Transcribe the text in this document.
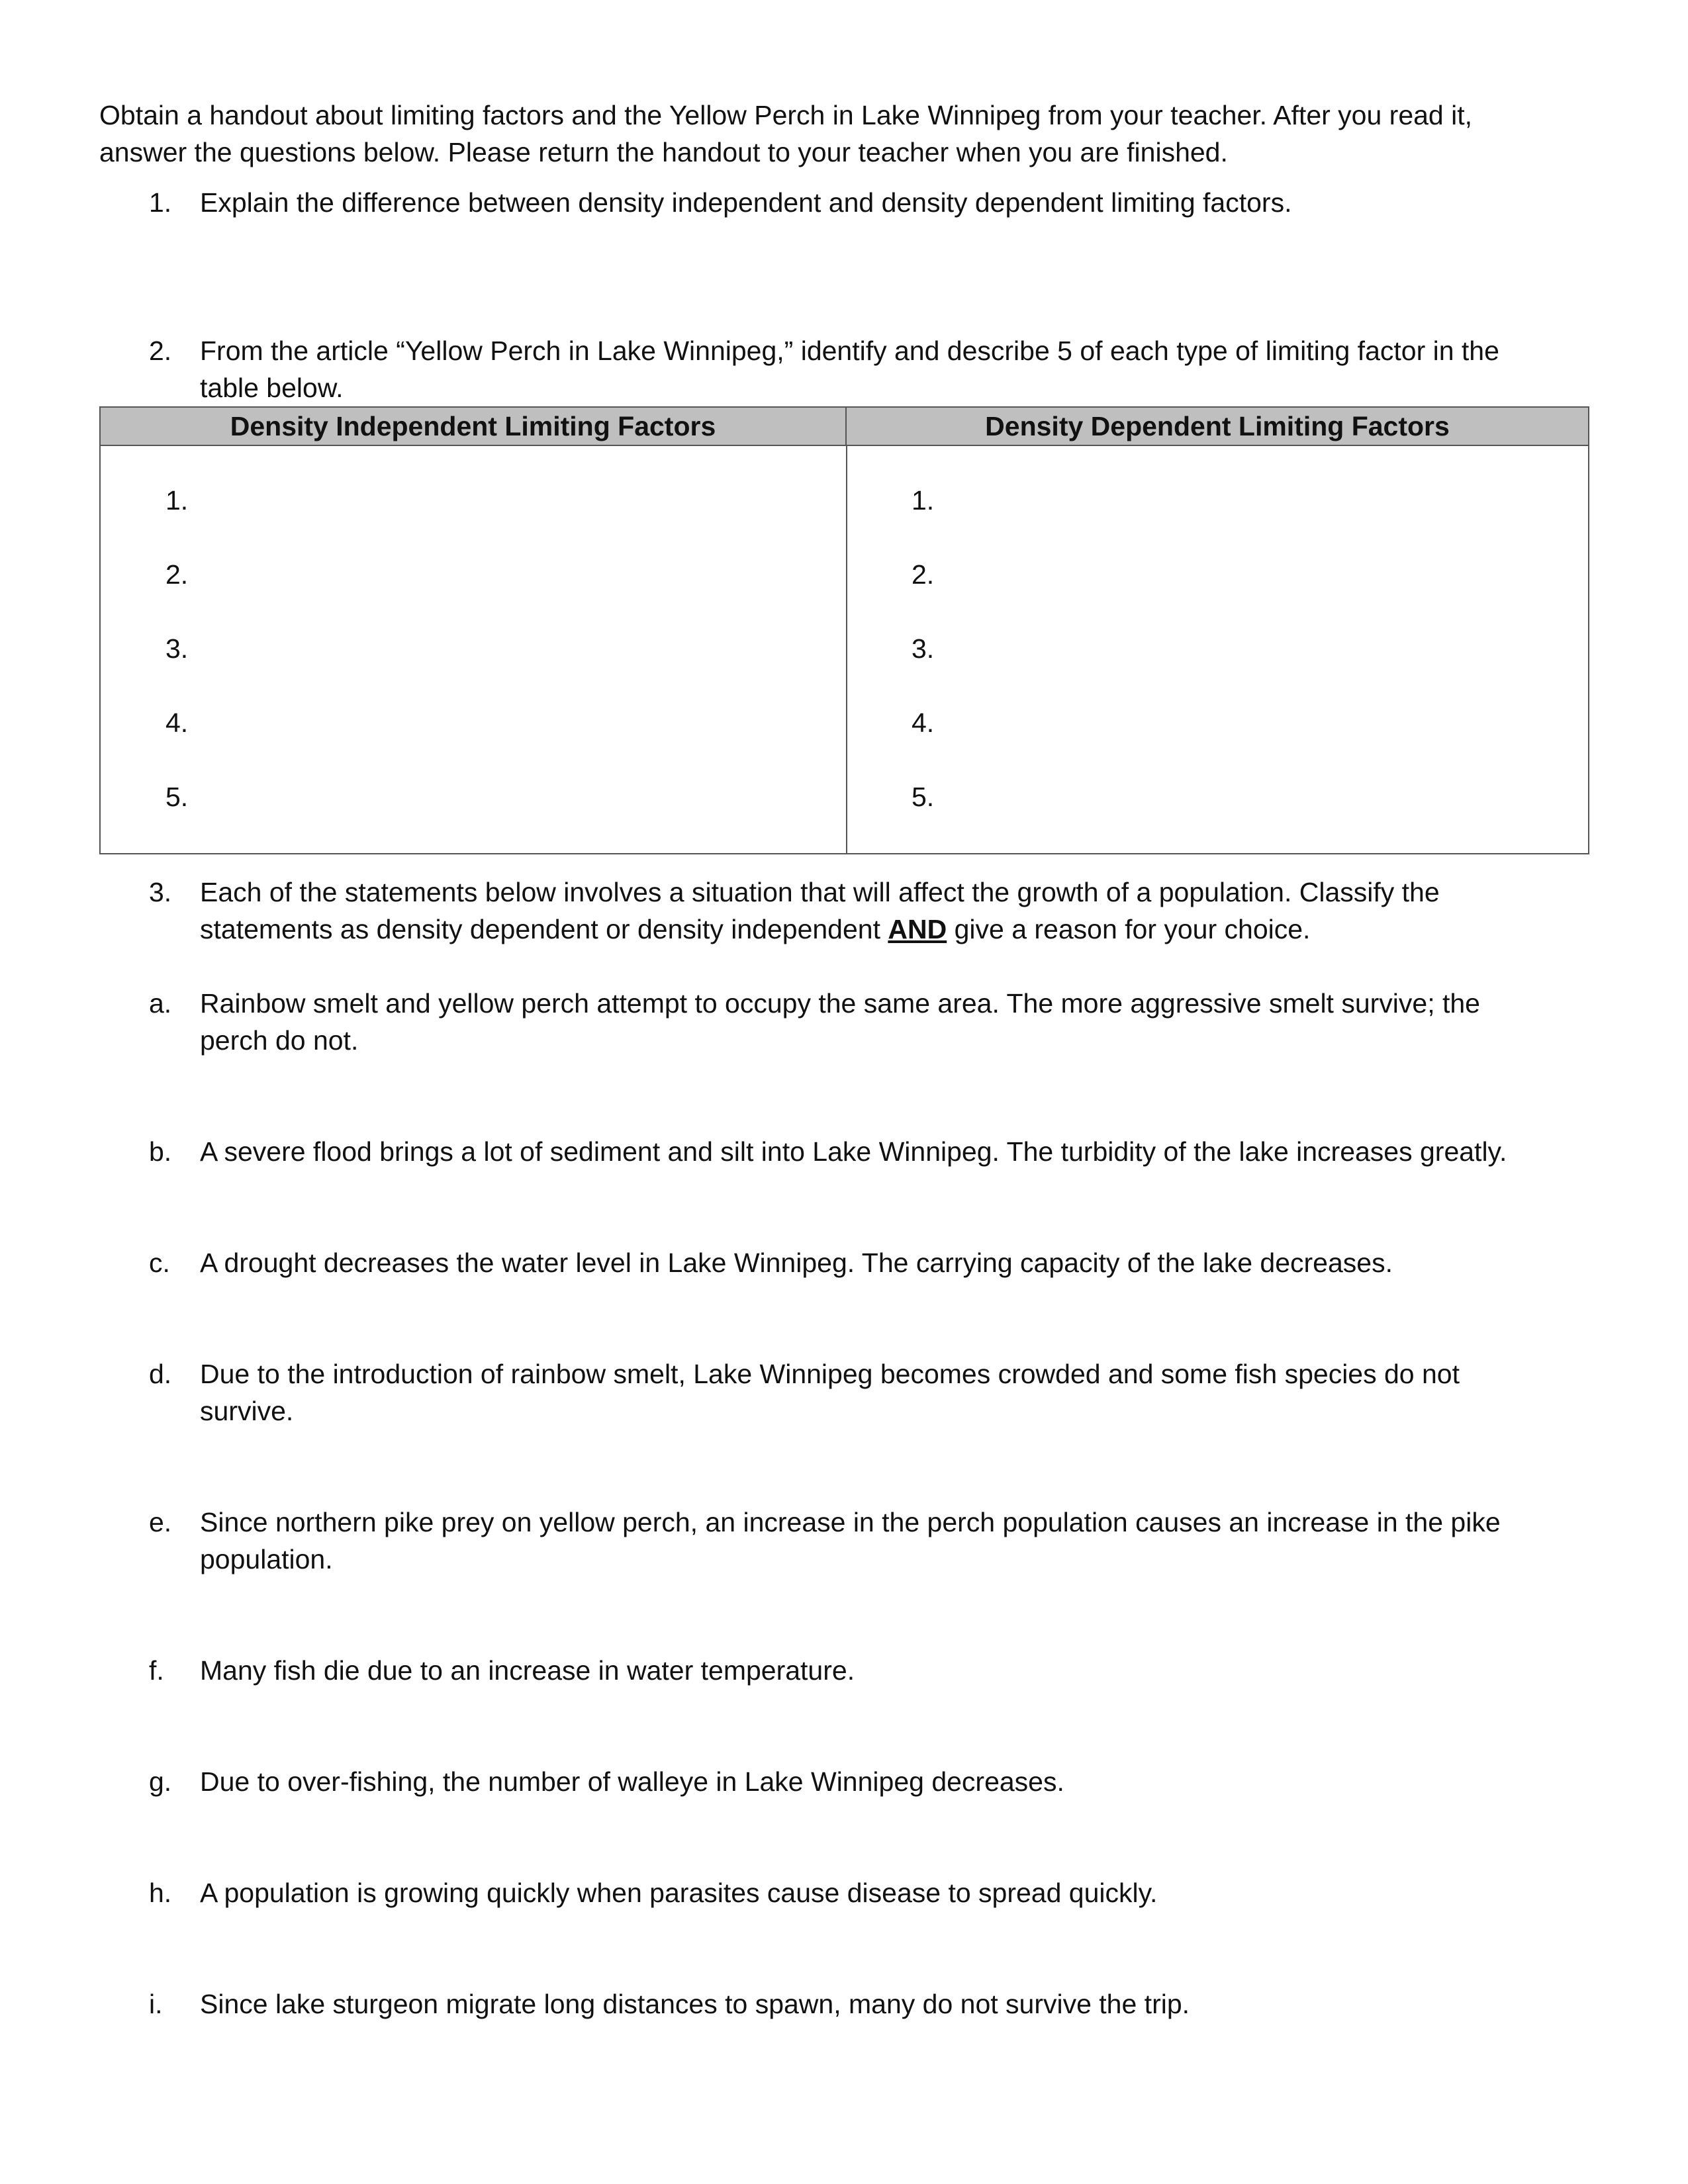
Obtain a handout about limiting factors and the Yellow Perch in Lake Winnipeg from your teacher. After you read it,
answer the questions below. Please return the handout to your teacher when you are finished.
1. Explain the difference between density independent and density dependent limiting factors.
2. From the article “Yellow Perch in Lake Winnipeg,” identify and describe 5 of each type of limiting factor in the
table below.
Density Independent Limiting Factors	Density Dependent Limiting Factors
1.
2.
3.
4.
5.
1.
2.
3.
4.
5.
3. Each of the statements below involves a situation that will affect the growth of a population. Classify the
statements as density dependent or density independent AND give a reason for your choice.
a. Rainbow smelt and yellow perch attempt to occupy the same area. The more aggressive smelt survive; the
perch do not.
b. A severe flood brings a lot of sediment and silt into Lake Winnipeg. The turbidity of the lake increases greatly.
c. A drought decreases the water level in Lake Winnipeg. The carrying capacity of the lake decreases.
d. Due to the introduction of rainbow smelt, Lake Winnipeg becomes crowded and some fish species do not
survive.
e. Since northern pike prey on yellow perch, an increase in the perch population causes an increase in the pike
population.
f. Many fish die due to an increase in water temperature.
g. Due to over-fishing, the number of walleye in Lake Winnipeg decreases.
h. A population is growing quickly when parasites cause disease to spread quickly.
i. Since lake sturgeon migrate long distances to spawn, many do not survive the trip.
